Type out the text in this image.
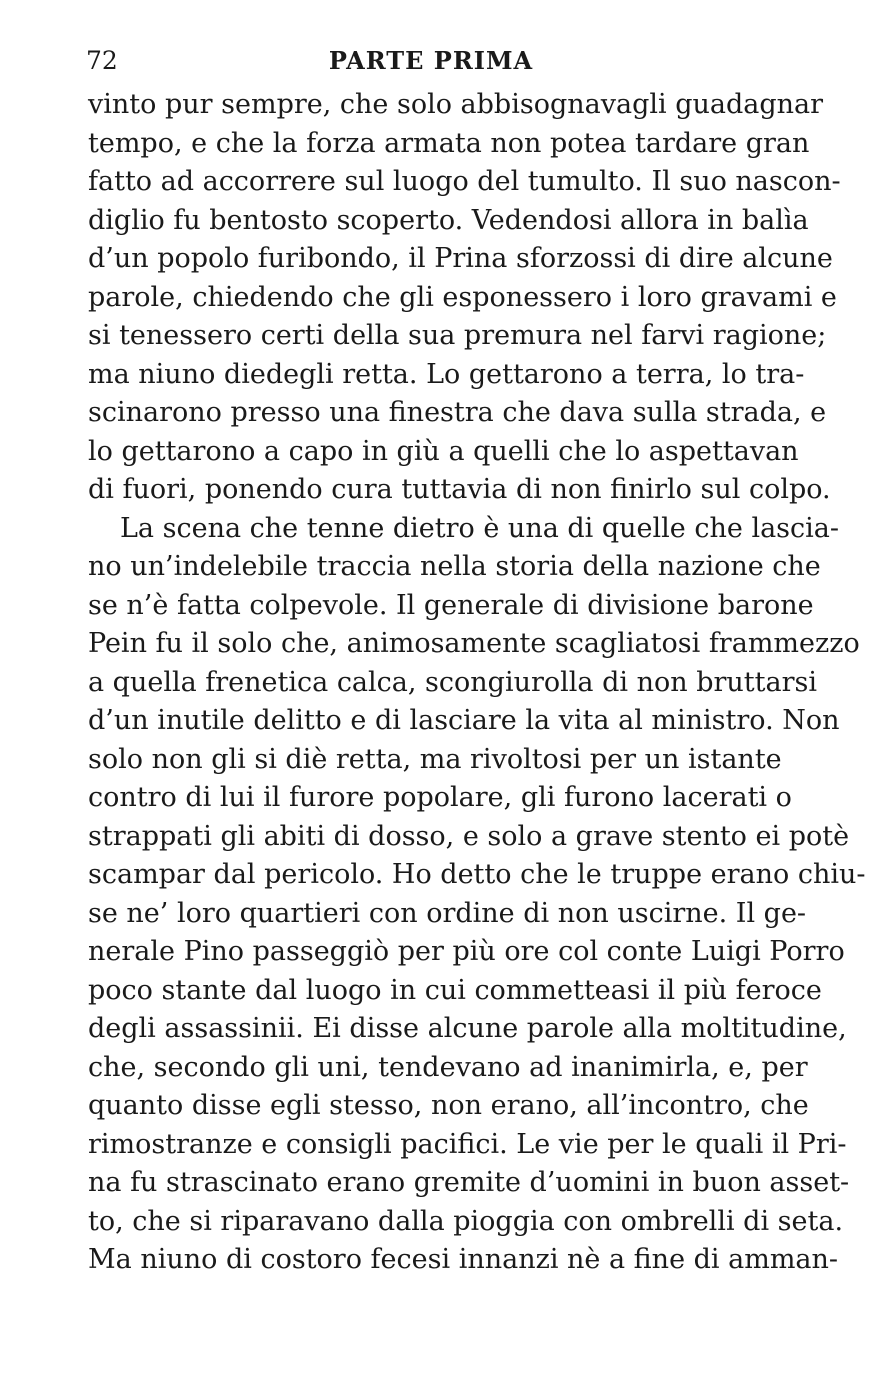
72	PARTE PRIMA
vinto pur sempre, che solo abbisognavagli guadagnar
tempo, e che la forza armata non potea tardare gran
fatto ad accorrere sul luogo del tumulto. Il suo nascon-
diglio fu bentosto scoperto. Vedendosi allora in balìa
d’un popolo furibondo, il Prina sforzossi di dire alcune
parole, chiedendo che gli esponessero i loro gravami e
si tenessero certi della sua premura nel farvi ragione;
ma niuno diedegli retta. Lo gettarono a terra, lo tra-
scinarono presso una finestra che dava sulla strada, e
lo gettarono a capo in giù a quelli che lo aspettavan
di fuori, ponendo cura tuttavia di non finirlo sul colpo.
La scena che tenne dietro è una di quelle che lascia-
no un’indelebile traccia nella storia della nazione che
se n’è fatta colpevole. Il generale di divisione barone
Pein fu il solo che, animosamente scagliatosi frammezzo
a quella frenetica calca, scongiurolla di non bruttarsi
d’un inutile delitto e di lasciare la vita al ministro. Non
solo non gli si diè retta, ma rivoltosi per un istante
contro di lui il furore popolare, gli furono lacerati o
strappati gli abiti di dosso, e solo a grave stento ei potè
scampar dal pericolo. Ho detto che le truppe erano chiu-
se ne’ loro quartieri con ordine di non uscirne. Il ge-
nerale Pino passeggiò per più ore col conte Luigi Porro
poco stante dal luogo in cui commetteasi il più feroce
degli assassinii. Ei disse alcune parole alla moltitudine,
che, secondo gli uni, tendevano ad inanimirla, e, per
quanto disse egli stesso, non erano, all’incontro, che
rimostranze e consigli pacifici. Le vie per le quali il Pri-
na fu strascinato erano gremite d’uomini in buon asset-
to, che si riparavano dalla pioggia con ombrelli di seta.
Ma niuno di costoro fecesi innanzi nè a fine di amman-
